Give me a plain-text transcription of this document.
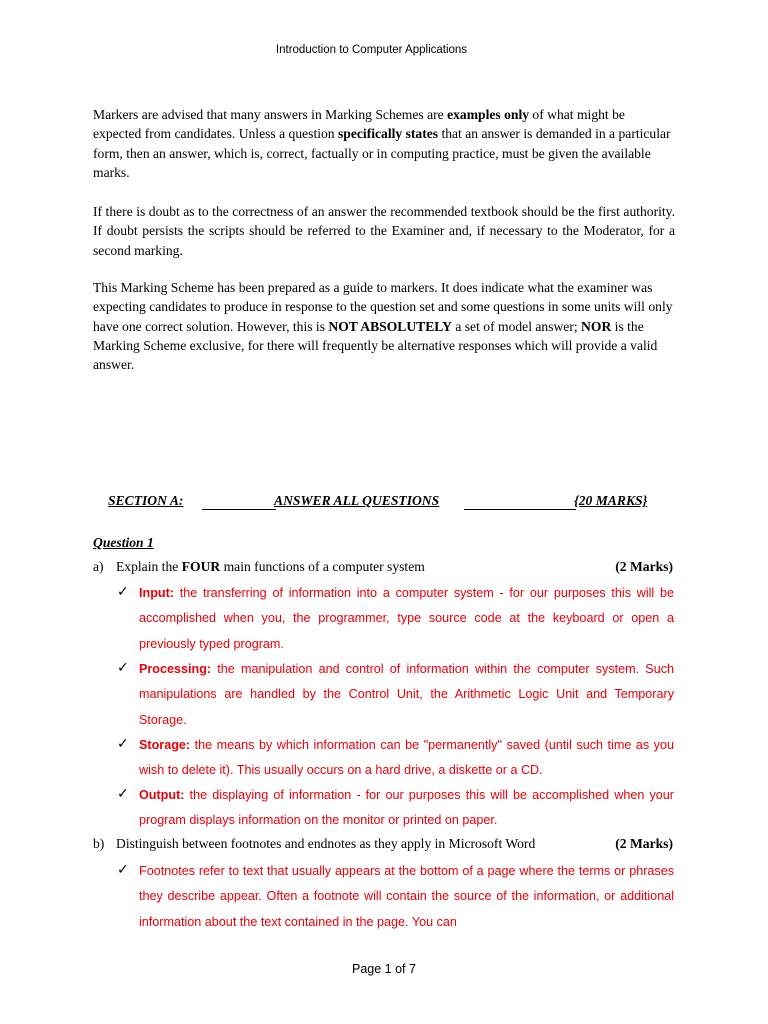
Introduction to Computer Applications

Markers are advised that many answers in Marking Schemes are examples only of what might be expected from candidates. Unless a question specifically states that an answer is demanded in a particular form, then an answer, which is, correct, factually or in computing practice, must be given the available marks.

If there is doubt as to the correctness of an answer the recommended textbook should be the first authority. If doubt persists the scripts should be referred to the Examiner and, if necessary to the Moderator, for a second marking.

This Marking Scheme has been prepared as a guide to markers. It does indicate what the examiner was expecting candidates to produce in response to the question set and some questions in some units will only have one correct solution. However, this is NOT ABSOLUTELY a set of model answer; NOR is the Marking Scheme exclusive, for there will frequently be alternative responses which will provide a valid answer.

SECTION A:	ANSWER ALL QUESTIONS	{20 MARKS}
Question 1
a) Explain the FOUR main functions of a computer system	(2 Marks)
✓ Input: the transferring of information into a computer system - for our purposes this will be accomplished when you, the programmer, type source code at the keyboard or open a previously typed program.

✓ Processing: the manipulation and control of information within the computer system. Such manipulations are handled by the Control Unit, the Arithmetic Logic Unit and Temporary Storage.

✓ Storage: the means by which information can be "permanently" saved (until such time as you wish to delete it). This usually occurs on a hard drive, a diskette or a CD.

✓ Output: the displaying of information - for our purposes this will be accomplished when your program displays information on the monitor or printed on paper.

b) Distinguish between footnotes and endnotes as they apply in Microsoft Word	(2 Marks)
✓ Footnotes refer to text that usually appears at the bottom of a page where the terms or phrases they describe appear. Often a footnote will contain the source of the information, or additional information about the text contained in the page. You can

Page 1 of 7
